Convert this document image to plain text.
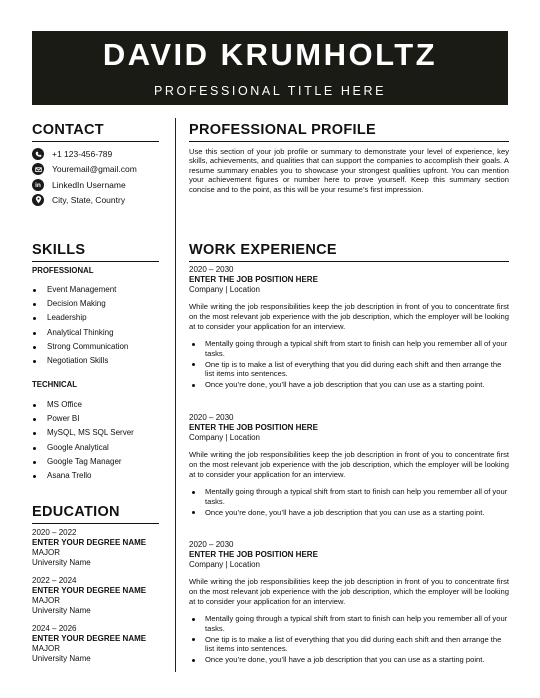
DAVID KRUMHOLTZ
PROFESSIONAL TITLE HERE
CONTACT
+1 123-456-789
Youremail@gmail.com
in	LinkedIn Username
City, State, Country
SKILLS
PROFESSIONAL
Event Management
Decision Making
Leadership
Analytical Thinking
Strong Communication
Negotiation Skills
TECHNICAL
MS Office
Power BI
MySQL, MS SQL Server
Google Analytical
Google Tag Manager
Asana Trello
EDUCATION
2020 – 2022
ENTER YOUR DEGREE NAME
MAJOR
University Name
2022 – 2024
ENTER YOUR DEGREE NAME
MAJOR
University Name
2024 – 2026
ENTER YOUR DEGREE NAME
MAJOR
University Name
PROFESSIONAL PROFILE
Use this section of your job profile or summary to demonstrate your level of experience, key skills, achievements, and qualities that can support the companies to accomplish their goals. A resume summary enables you to showcase your strongest qualities upfront. You can mention your achievement figures or number here to prove yourself. Keep this summary section concise and to the point, as this will be your resume’s first impression.
WORK EXPERIENCE
2020 – 2030
ENTER THE JOB POSITION HERE
Company | Location
While writing the job responsibilities keep the job description in front of you to concentrate first on the most relevant job experience with the job description, which the employer will be looking at to consider your application for an interview.
Mentally going through a typical shift from start to finish can help you remember all of your tasks.
One tip is to make a list of everything that you did during each shift and then arrange the list items into sentences.
Once you’re done, you’ll have a job description that you can use as a starting point.
2020 – 2030
ENTER THE JOB POSITION HERE
Company | Location
While writing the job responsibilities keep the job description in front of you to concentrate first on the most relevant job experience with the job description, which the employer will be looking at to consider your application for an interview.
Mentally going through a typical shift from start to finish can help you remember all of your tasks.
Once you’re done, you’ll have a job description that you can use as a starting point.
2020 – 2030
ENTER THE JOB POSITION HERE
Company | Location
While writing the job responsibilities keep the job description in front of you to concentrate first on the most relevant job experience with the job description, which the employer will be looking at to consider your application for an interview.
Mentally going through a typical shift from start to finish can help you remember all of your tasks.
One tip is to make a list of everything that you did during each shift and then arrange the list items into sentences.
Once you’re done, you’ll have a job description that you can use as a starting point.
